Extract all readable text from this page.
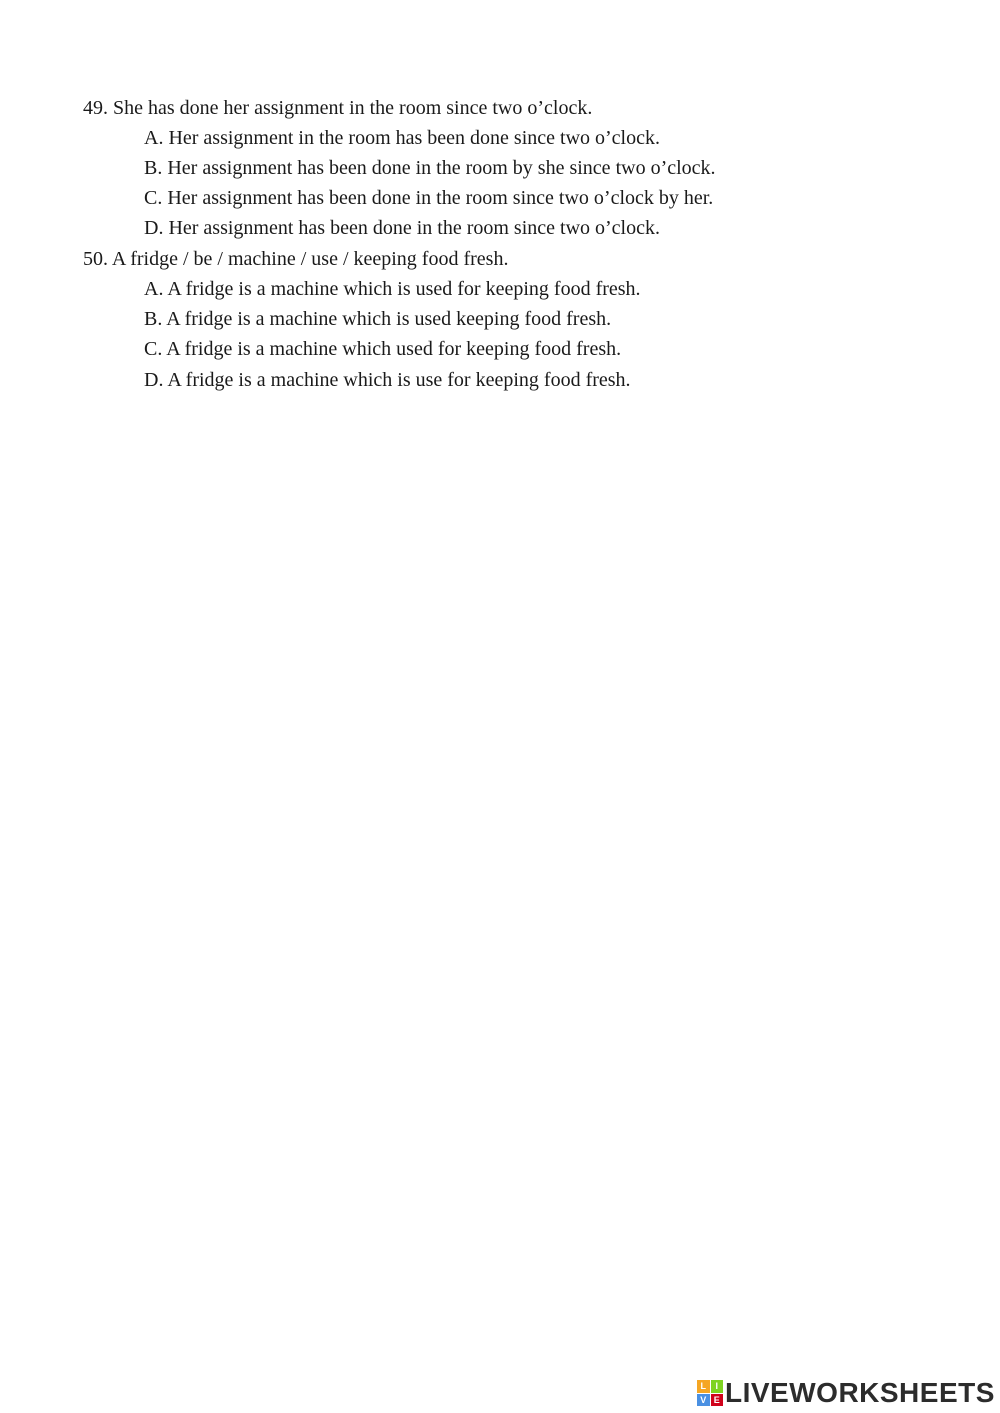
49. She has done her assignment in the room since two o’clock.
A. Her assignment in the room has been done since two o’clock.
B. Her assignment has been done in the room by she since two o’clock.
C. Her assignment has been done in the room since two o’clock by her.
D. Her assignment has been done in the room since two o’clock.
50. A fridge / be / machine / use / keeping food fresh.
A. A fridge is a machine which is used for keeping food fresh.
B. A fridge is a machine which is used keeping food fresh.
C. A fridge is a machine which used for keeping food fresh.
D. A fridge is a machine which is use for keeping food fresh.
L	I
V E LIVEWORKSHEETS
